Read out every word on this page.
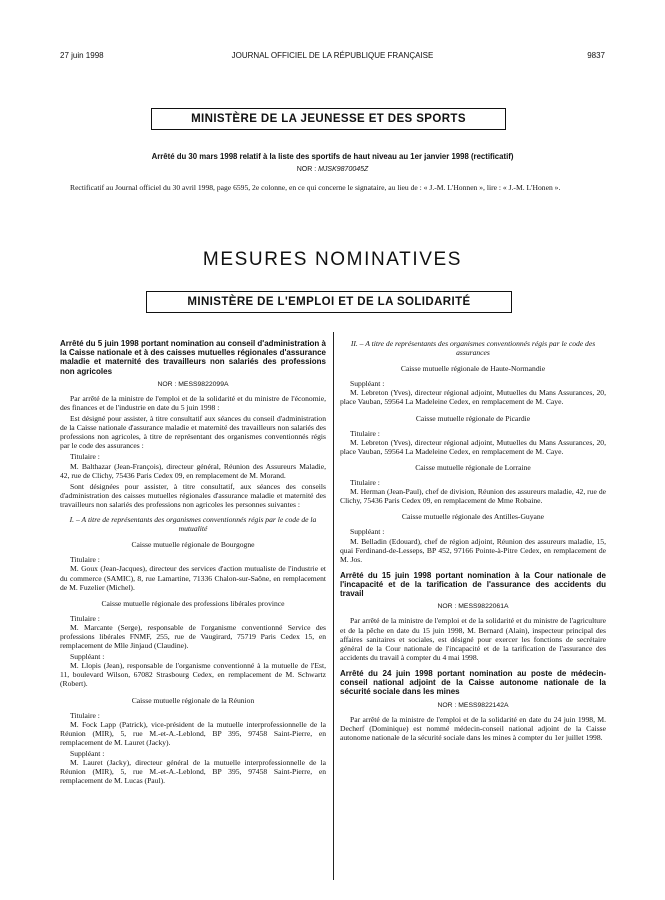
27 juin 1998	JOURNAL OFFICIEL DE LA RÉPUBLIQUE FRANÇAISE	9837
MINISTÈRE DE LA JEUNESSE ET DES SPORTS
Arrêté du 30 mars 1998 relatif à la liste des sportifs de haut niveau au 1er janvier 1998 (rectificatif)
NOR : MJSK9870045Z
Rectificatif au Journal officiel du 30 avril 1998, page 6595, 2e colonne, en ce qui concerne le signataire, au lieu de : « J.-M. L'Honnen », lire : « J.-M. L'Honen ».
MESURES NOMINATIVES
MINISTÈRE DE L'EMPLOI ET DE LA SOLIDARITÉ
Arrêté du 5 juin 1998 portant nomination au conseil d'administration à la Caisse nationale et à des caisses mutuelles régionales d'assurance maladie et maternité des travailleurs non salariés des professions non agricoles
NOR : MESS9822099A

Par arrêté de la ministre de l'emploi et de la solidarité et du ministre de l'économie, des finances et de l'industrie en date du 5 juin 1998 :

Est désigné pour assister, à titre consultatif aux séances du conseil d'administration de la Caisse nationale d'assurance maladie et maternité des travailleurs non salariés des professions non agricoles, à titre de représentant des organismes conventionnés régis par le code des assurances :

Titulaire :

M. Balthazar (Jean-François), directeur général, Réunion des Assureurs Maladie, 42, rue de Clichy, 75436 Paris Cedex 09, en remplacement de M. Morand.

Sont désignées pour assister, à titre consultatif, aux séances des conseils d'administration des caisses mutuelles régionales d'assurance maladie et maternité des travailleurs non salariés des professions non agricoles les personnes suivantes :

I. – A titre de représentants des organismes conventionnés régis par le code de la mutualité

Caisse mutuelle régionale de Bourgogne

Titulaire :

M. Goux (Jean-Jacques), directeur des services d'action mutualiste de l'industrie et du commerce (SAMIC), 8, rue Lamartine, 71336 Chalon-sur-Saône, en remplacement de M. Fuzelier (Michel).

Caisse mutuelle régionale des professions libérales province

Titulaire :

M. Marcante (Serge), responsable de l'organisme conventionné Service des professions libérales FNMF, 255, rue de Vaugirard, 75719 Paris Cedex 15, en remplacement de Mlle Jinjaud (Claudine).

Suppléant :

M. Llopis (Jean), responsable de l'organisme conventionné à la mutuelle de l'Est, 11, boulevard Wilson, 67082 Strasbourg Cedex, en remplacement de M. Schwartz (Robert).

Caisse mutuelle régionale de la Réunion

Titulaire :

M. Fock Lapp (Patrick), vice-président de la mutuelle interprofessionnelle de la Réunion (MIR), 5, rue M.-et-A.-Leblond, BP 395, 97458 Saint-Pierre, en remplacement de M. Lauret (Jacky).

Suppléant :

M. Lauret (Jacky), directeur général de la mutuelle interprofessionnelle de la Réunion (MIR), 5, rue M.-et-A.-Leblond, BP 395, 97458 Saint-Pierre, en remplacement de M. Lucas (Paul).

II. – A titre de représentants des organismes conventionnés régis par le code des assurances

Caisse mutuelle régionale de Haute-Normandie

Suppléant :

M. Lebreton (Yves), directeur régional adjoint, Mutuelles du Mans Assurances, 20, place Vauban, 59564 La Madeleine Cedex, en remplacement de M. Caye.

Caisse mutuelle régionale de Picardie

Titulaire :

M. Lebreton (Yves), directeur régional adjoint, Mutuelles du Mans Assurances, 20, place Vauban, 59564 La Madeleine Cedex, en remplacement de M. Caye.

Caisse mutuelle régionale de Lorraine

Titulaire :

M. Herman (Jean-Paul), chef de division, Réunion des assureurs maladie, 42, rue de Clichy, 75436 Paris Cedex 09, en remplacement de Mme Robaine.

Caisse mutuelle régionale des Antilles-Guyane

Suppléant :

M. Belladin (Edouard), chef de région adjoint, Réunion des assureurs maladie, 15, quai Ferdinand-de-Lesseps, BP 452, 97166 Pointe-à-Pitre Cedex, en remplacement de M. Jos.

Arrêté du 15 juin 1998 portant nomination à la Cour nationale de l'incapacité et de la tarification de l'assurance des accidents du travail
NOR : MESS9822061A

Par arrêté de la ministre de l'emploi et de la solidarité et du ministre de l'agriculture et de la pêche en date du 15 juin 1998, M. Bernard (Alain), inspecteur principal des affaires sanitaires et sociales, est désigné pour exercer les fonctions de secrétaire général de la Cour nationale de l'incapacité et de la tarification de l'assurance des accidents du travail à compter du 4 mai 1998.

Arrêté du 24 juin 1998 portant nomination au poste de médecin-conseil national adjoint de la Caisse autonome nationale de la sécurité sociale dans les mines
NOR : MESS9822142A

Par arrêté de la ministre de l'emploi et de la solidarité en date du 24 juin 1998, M. Decherf (Dominique) est nommé médecin-conseil national adjoint de la Caisse autonome nationale de la sécurité sociale dans les mines à compter du 1er juillet 1998.
